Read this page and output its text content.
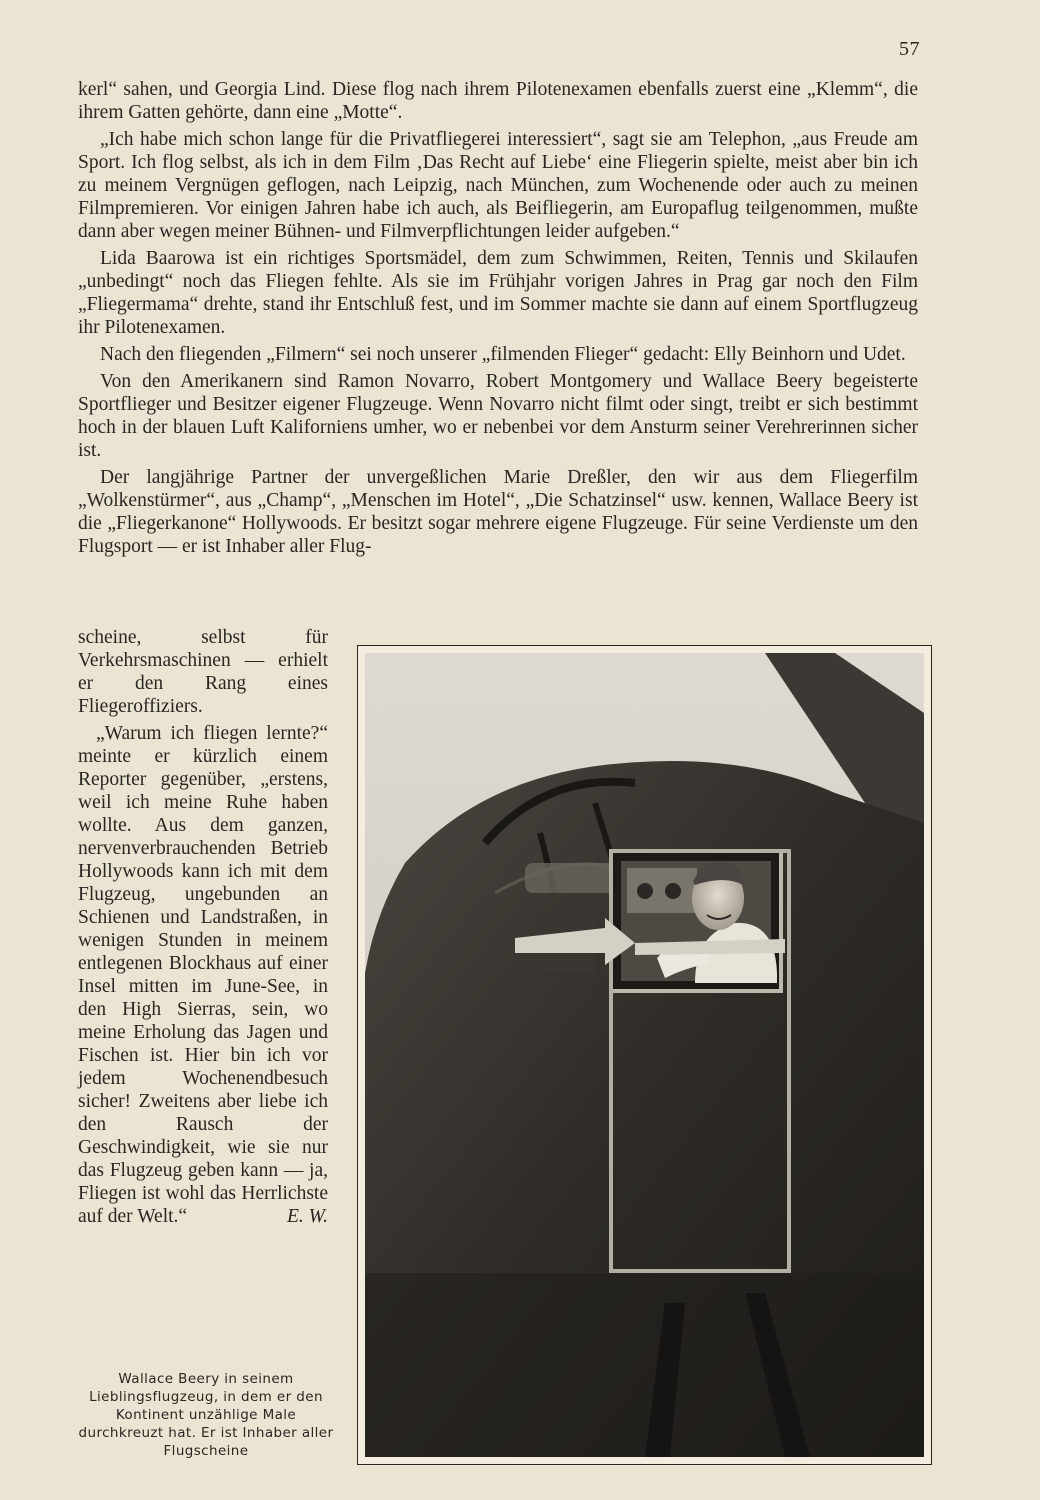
57

kerl“ sahen, und Georgia Lind. Diese flog nach ihrem Pilotenexamen ebenfalls zuerst eine „Klemm“, die ihrem Gatten gehörte, dann eine „Motte“.

„Ich habe mich schon lange für die Privatfliegerei interessiert“, sagt sie am Telephon, „aus Freude am Sport. Ich flog selbst, als ich in dem Film ‚Das Recht auf Liebe‘ eine Fliegerin spielte, meist aber bin ich zu meinem Vergnügen geflogen, nach Leipzig, nach München, zum Wochenende oder auch zu meinen Filmpremieren. Vor einigen Jahren habe ich auch, als Beifliegerin, am Europaflug teilgenommen, mußte dann aber wegen meiner Bühnen- und Filmverpflichtungen leider aufgeben.“

Lida Baarowa ist ein richtiges Sportsmädel, dem zum Schwimmen, Reiten, Tennis und Skilaufen „unbedingt“ noch das Fliegen fehlte. Als sie im Frühjahr vorigen Jahres in Prag gar noch den Film „Fliegermama“ drehte, stand ihr Entschluß fest, und im Sommer machte sie dann auf einem Sportflugzeug ihr Pilotenexamen.

Nach den fliegenden „Filmern“ sei noch unserer „filmenden Flieger“ gedacht: Elly Beinhorn und Udet.

Von den Amerikanern sind Ramon Novarro, Robert Montgomery und Wallace Beery begeisterte Sportflieger und Besitzer eigener Flugzeuge. Wenn Novarro nicht filmt oder singt, treibt er sich bestimmt hoch in der blauen Luft Kaliforniens umher, wo er nebenbei vor dem Ansturm seiner Verehrerinnen sicher ist.

Der langjährige Partner der unvergeßlichen Marie Dreßler, den wir aus dem Fliegerfilm „Wolkenstürmer“, aus „Champ“, „Menschen im Hotel“, „Die Schatzinsel“ usw. kennen, Wallace Beery ist die „Fliegerkanone“ Hollywoods. Er besitzt sogar mehrere eigene Flugzeuge. Für seine Verdienste um den Flugsport — er ist Inhaber aller Flug-

scheine, selbst für Verkehrsmaschinen — erhielt er den Rang eines Fliegeroffiziers.

„Warum ich fliegen lernte?“ meinte er kürzlich einem Reporter gegenüber, „erstens, weil ich meine Ruhe haben wollte. Aus dem ganzen, nervenverbrauchenden Betrieb Hollywoods kann ich mit dem Flugzeug, ungebunden an Schienen und Landstraßen, in wenigen Stunden in meinem entlegenen Blockhaus auf einer Insel mitten im June-See, in den High Sierras, sein, wo meine Erholung das Jagen und Fischen ist. Hier bin ich vor jedem Wochenendbesuch sicher! Zweitens aber liebe ich den Rausch der Geschwindigkeit, wie sie nur das Flugzeug geben kann — ja, Fliegen ist wohl das Herrlichste auf der Welt.“	E. W.

Wallace Beery in seinem Lieblingsflugzeug, in dem er den Kontinent unzählige Male durchkreuzt hat. Er ist Inhaber aller Flugscheine
